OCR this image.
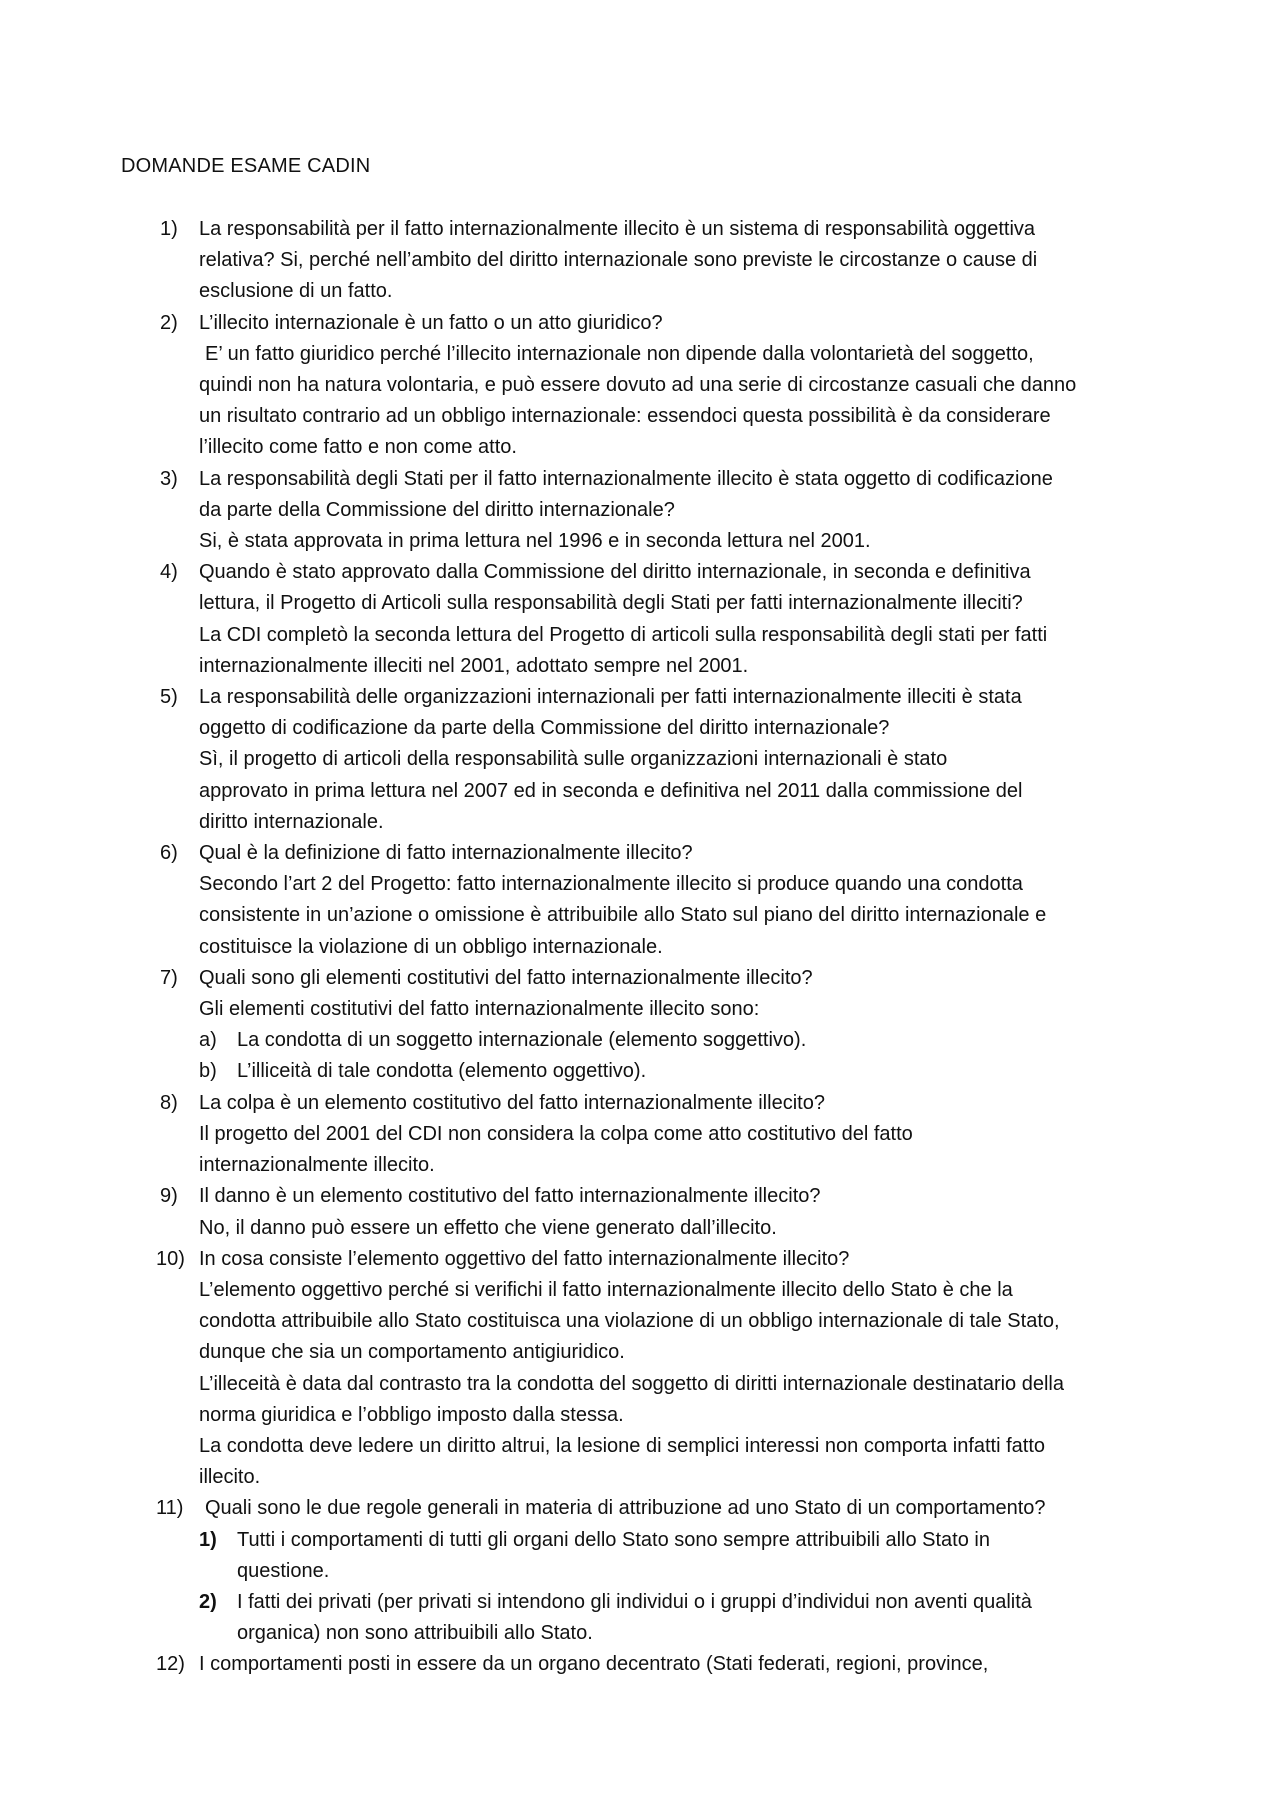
DOMANDE ESAME CADIN
1) La responsabilità per il fatto internazionalmente illecito è un sistema di responsabilità oggettiva
relativa? Si, perché nell’ambito del diritto internazionale sono previste le circostanze o cause di
esclusione di un fatto.
2) L’illecito internazionale è un fatto o un atto giuridico?
E’ un fatto giuridico perché l’illecito internazionale non dipende dalla volontarietà del soggetto,
quindi non ha natura volontaria, e può essere dovuto ad una serie di circostanze casuali che danno
un risultato contrario ad un obbligo internazionale: essendoci questa possibilità è da considerare
l’illecito come fatto e non come atto.
3) La responsabilità degli Stati per il fatto internazionalmente illecito è stata oggetto di codificazione
da parte della Commissione del diritto internazionale?
Si, è stata approvata in prima lettura nel 1996 e in seconda lettura nel 2001.
4) Quando è stato approvato dalla Commissione del diritto internazionale, in seconda e definitiva
lettura, il Progetto di Articoli sulla responsabilità degli Stati per fatti internazionalmente illeciti?
La CDI completò la seconda lettura del Progetto di articoli sulla responsabilità degli stati per fatti
internazionalmente illeciti nel 2001, adottato sempre nel 2001.
5) La responsabilità delle organizzazioni internazionali per fatti internazionalmente illeciti è stata
oggetto di codificazione da parte della Commissione del diritto internazionale?
Sì, il progetto di articoli della responsabilità sulle organizzazioni internazionali è stato
approvato in prima lettura nel 2007 ed in seconda e definitiva nel 2011 dalla commissione del
diritto internazionale.
6) Qual è la definizione di fatto internazionalmente illecito?
Secondo l’art 2 del Progetto: fatto internazionalmente illecito si produce quando una condotta
consistente in un’azione o omissione è attribuibile allo Stato sul piano del diritto internazionale e
costituisce la violazione di un obbligo internazionale.
7) Quali sono gli elementi costitutivi del fatto internazionalmente illecito?
Gli elementi costitutivi del fatto internazionalmente illecito sono:
a) La condotta di un soggetto internazionale (elemento soggettivo).
b) L’illiceità di tale condotta (elemento oggettivo).
8) La colpa è un elemento costitutivo del fatto internazionalmente illecito?
Il progetto del 2001 del CDI non considera la colpa come atto costitutivo del fatto
internazionalmente illecito.
9) Il danno è un elemento costitutivo del fatto internazionalmente illecito?
No, il danno può essere un effetto che viene generato dall’illecito.
10) In cosa consiste l’elemento oggettivo del fatto internazionalmente illecito?
L’elemento oggettivo perché si verifichi il fatto internazionalmente illecito dello Stato è che la
condotta attribuibile allo Stato costituisca una violazione di un obbligo internazionale di tale Stato,
dunque che sia un comportamento antigiuridico.
L’illeceità è data dal contrasto tra la condotta del soggetto di diritti internazionale destinatario della
norma giuridica e l’obbligo imposto dalla stessa.
La condotta deve ledere un diritto altrui, la lesione di semplici interessi non comporta infatti fatto
illecito.
11)	Quali sono le due regole generali in materia di attribuzione ad uno Stato di un comportamento?
1) Tutti i comportamenti di tutti gli organi dello Stato sono sempre attribuibili allo Stato in
questione.
2) I fatti dei privati (per privati si intendono gli individui o i gruppi d’individui non aventi qualità
organica) non sono attribuibili allo Stato.
12) I comportamenti posti in essere da un organo decentrato (Stati federati, regioni, province,
